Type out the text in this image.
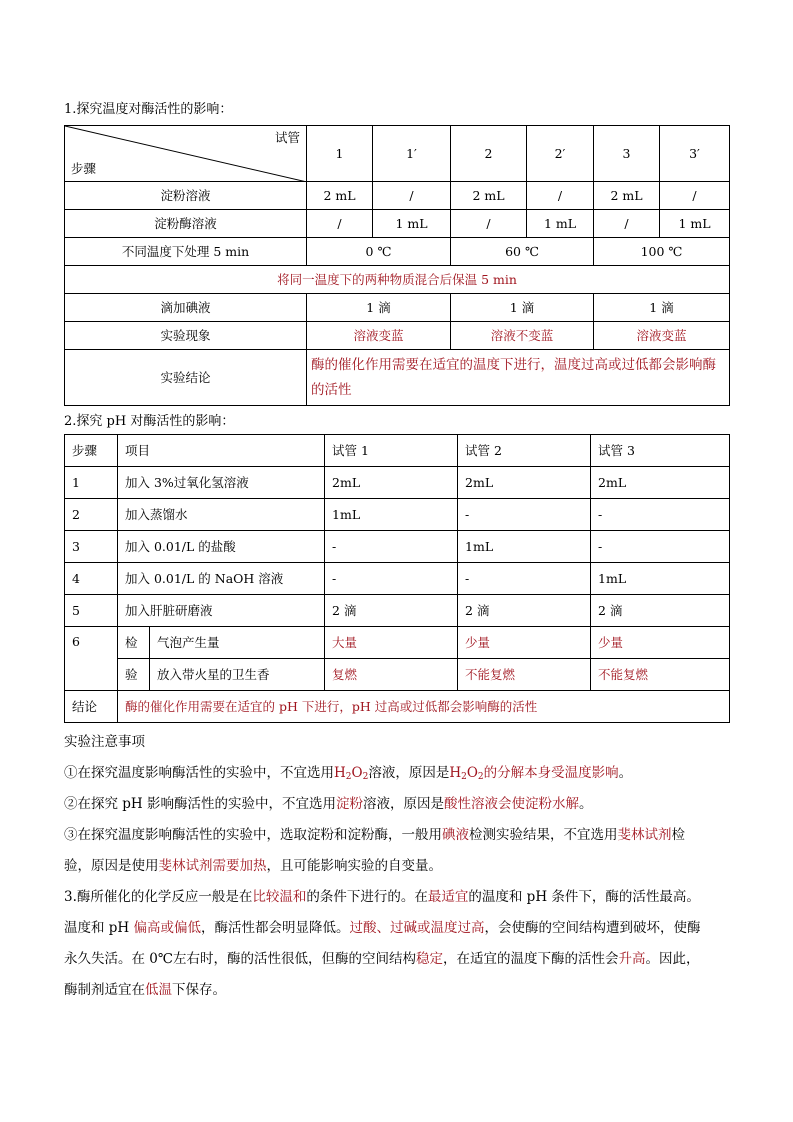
1.探究温度对酶活性的影响：
试管
步骤	1	1′	2	2′	3	3′
淀粉溶液	2 mL	/	2 mL	/	2 mL	/
淀粉酶溶液	/	1 mL	/	1 mL	/	1 mL
不同温度下处理 5 min	0 ℃		60 ℃		100 ℃	
将同一温度下的两种物质混合后保温 5 min						
滴加碘液	1 滴		1 滴		1 滴	
实验现象	溶液变蓝		溶液不变蓝		溶液变蓝	
实验结论	酶的催化作用需要在适宜的温度下进行，温度过高或过低都会影响酶的活性					
2.探究 pH 对酶活性的影响：
步骤	项目		试管 1	试管 2	试管 3
1	加入 3%过氧化氢溶液		2mL	2mL	2mL
2	加入蒸馏水		1mL	-	-
3	加入 0.01/L 的盐酸		-	1mL	-
4	加入 0.01/L 的 NaOH 溶液		-	-	1mL
5	加入肝脏研磨液		2 滴	2 滴	2 滴
6	检	气泡产生量	大量	少量	少量
	验	放入带火星的卫生香	复燃	不能复燃	不能复燃
结论	酶的催化作用需要在适宜的 pH 下进行，pH 过高或过低都会影响酶的活性				

实验注意事项

①在探究温度影响酶活性的实验中，不宜选用$H_2O_2$溶液，原因是$H_2O_2$的分解本身受温度影响。

②在探究 pH 影响酶活性的实验中，不宜选用淀粉溶液，原因是酸性溶液会使淀粉水解。

③在探究温度影响酶活性的实验中，选取淀粉和淀粉酶，一般用碘液检测实验结果，不宜选用斐林试剂检
验，原因是使用斐林试剂需要加热，且可能影响实验的自变量。

3.酶所催化的化学反应一般是在比较温和的条件下进行的。在最适宜的温度和 pH 条件下，酶的活性最高。
温度和 pH 偏高或偏低，酶活性都会明显降低。过酸、过碱或温度过高，会使酶的空间结构遭到破坏，使酶
永久失活。在 0℃左右时，酶的活性很低，但酶的空间结构稳定，在适宜的温度下酶的活性会升高。因此，
酶制剂适宜在低温下保存。
